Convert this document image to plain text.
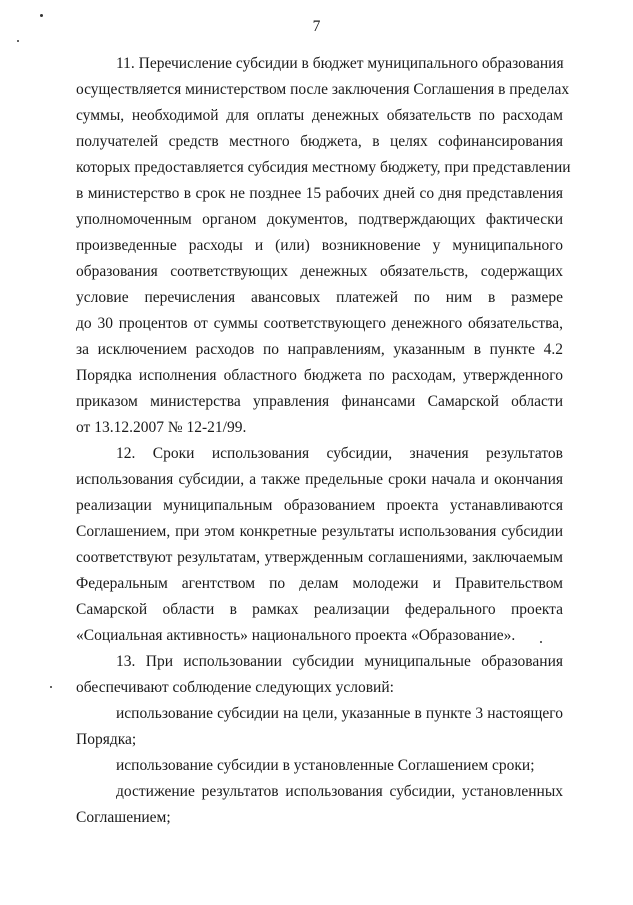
7
11. Перечисление субсидии в бюджет муниципального образования
осуществляется министерством после заключения Соглашения в пределах
суммы, необходимой для оплаты денежных обязательств по расходам
получателей средств местного бюджета, в целях софинансирования
которых предоставляется субсидия местному бюджету, при представлении
в министерство в срок не позднее 15 рабочих дней со дня представления
уполномоченным органом документов, подтверждающих фактически
произведенные расходы и (или) возникновение у муниципального
образования соответствующих денежных обязательств, содержащих
условие перечисления авансовых платежей по ним в размере
до 30 процентов от суммы соответствующего денежного обязательства,
за исключением расходов по направлениям, указанным в пункте 4.2
Порядка исполнения областного бюджета по расходам, утвержденного
приказом министерства управления финансами Самарской области
от 13.12.2007 № 12-21/99.
12. Сроки использования субсидии, значения результатов
использования субсидии, а также предельные сроки начала и окончания
реализации муниципальным образованием проекта устанавливаются
Соглашением, при этом конкретные результаты использования субсидии
соответствуют результатам, утвержденным соглашениями, заключаемым
Федеральным агентством по делам молодежи и Правительством
Самарской области в рамках реализации федерального проекта
«Социальная активность» национального проекта «Образование».
13. При использовании субсидии муниципальные образования
обеспечивают соблюдение следующих условий:
использование субсидии на цели, указанные в пункте 3 настоящего
Порядка;
использование субсидии в установленные Соглашением сроки;
достижение результатов использования субсидии, установленных
Соглашением;
